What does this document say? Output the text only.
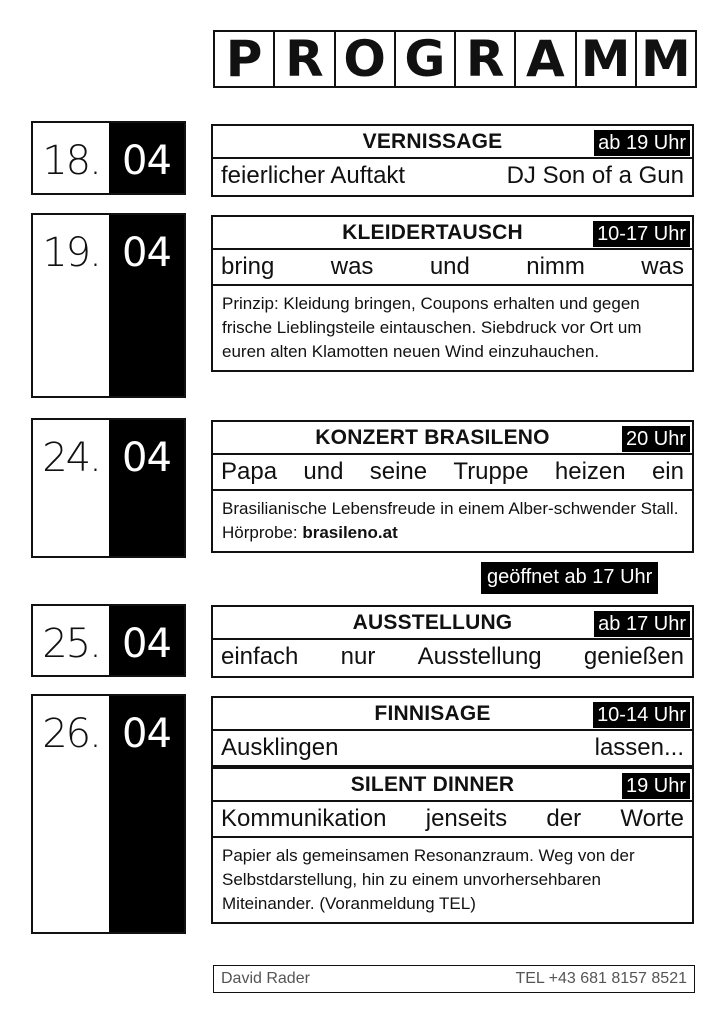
P R O G R A M M
18. 04	VERNISSAGE	ab 19 Uhr
feierlicher Auftakt	DJ Son of a Gun
19. 04	KLEIDERTAUSCH	10-17 Uhr
bring was und nimm was
Prinzip: Kleidung bringen, Coupons erhalten und gegen frische Lieblingsteile eintauschen. Siebdruck vor Ort um euren alten Klamotten neuen Wind einzuhauchen.
24. 04	KONZERT BRASILENO	20 Uhr
Papa und seine Truppe heizen ein
Brasilianische Lebensfreude in einem Alber-schwender Stall. Hörprobe: brasileno.at
geöffnet ab 17 Uhr
25. 04	AUSSTELLUNG	ab 17 Uhr
einfach nur Ausstellung genießen
26. 04	FINNISAGE	10-14 Uhr
Ausklingen	lassen...
SILENT DINNER	19 Uhr
Kommunikation jenseits der Worte
Papier als gemeinsamen Resonanzraum. Weg von der Selbstdarstellung, hin zu einem unvorhersehbaren Miteinander. (Voranmeldung TEL)
David Rader	TEL +43 681 8157 8521
